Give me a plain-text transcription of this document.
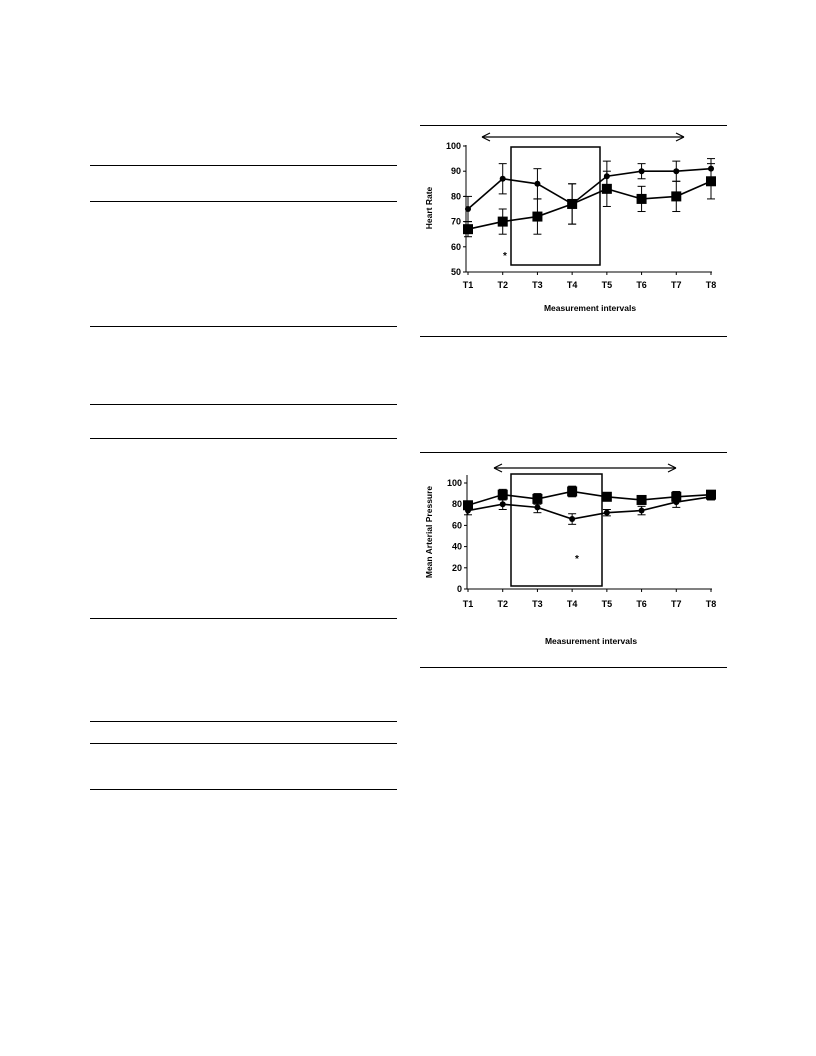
*
Heart Rate
Measurement intervals
50
60
70
80
90
100
T1	T2	T3	T4	T5	T6	T7	T8
*
Mean Arterial Pressure
Measurement intervals
0
20
40
60
80
100
T1	T2	T3	T4	T5	T6	T7	T8
